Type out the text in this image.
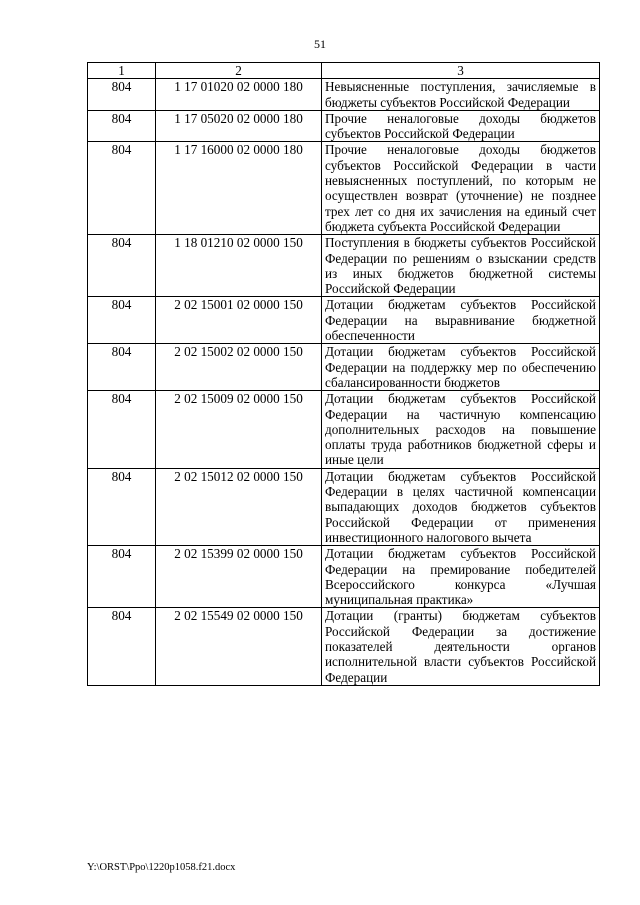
51
1	2	3
804	1 17 01020 02 0000 180	Невыясненные поступления, зачисляемые в бюджеты субъектов Российской Федерации
804	1 17 05020 02 0000 180	Прочие неналоговые доходы бюджетов субъектов Российской Федерации
804	1 17 16000 02 0000 180	Прочие неналоговые доходы бюджетов субъектов Российской Федерации в части невыясненных поступлений, по которым не осуществлен возврат (уточнение) не позднее трех лет со дня их зачисления на единый счет бюджета субъекта Российской Федерации
804	1 18 01210 02 0000 150	Поступления в бюджеты субъектов Российской Федерации по решениям о взыскании средств из иных бюджетов бюджетной системы Российской Федерации
804	2 02 15001 02 0000 150	Дотации бюджетам субъектов Российской Федерации на выравнивание бюджетной обеспеченности
804	2 02 15002 02 0000 150	Дотации бюджетам субъектов Российской Федерации на поддержку мер по обеспечению сбалансированности бюджетов
804	2 02 15009 02 0000 150	Дотации бюджетам субъектов Российской Федерации на частичную компенсацию дополнительных расходов на повышение оплаты труда работников бюджетной сферы и иные цели
804	2 02 15012 02 0000 150	Дотации бюджетам субъектов Российской Федерации в целях частичной компенсации выпадающих доходов бюджетов субъектов Российской Федерации от применения инвестиционного налогового вычета
804	2 02 15399 02 0000 150	Дотации бюджетам субъектов Российской Федерации на премирование победителей Всероссийского конкурса «Лучшая муниципальная практика»
804	2 02 15549 02 0000 150	Дотации (гранты) бюджетам субъектов Российской Федерации за достижение показателей деятельности органов исполнительной власти субъектов Российской Федерации
Y:\ORST\Ppo\1220p1058.f21.docx
